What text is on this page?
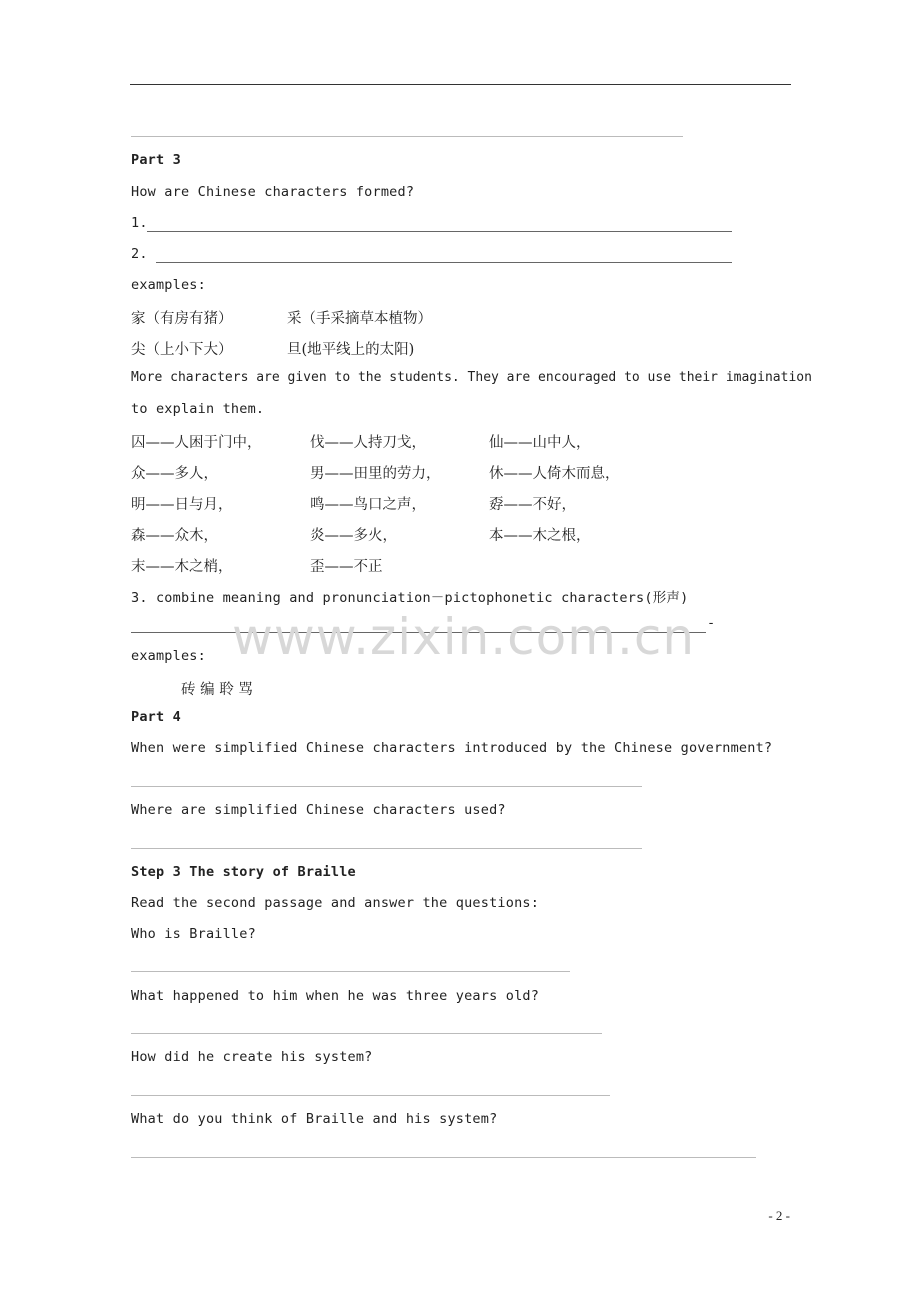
Part 3
How are Chinese characters formed?
1.
2.
examples:
家（有房有猪）	采（手采摘草本植物）
尖（上小下大）	旦(地平线上的太阳)
More characters are given to the students. They are encouraged to use their imagination
to explain them.
囚——人困于门中，	伐——人持刀戈，	仙——山中人，
众——多人，	男——田里的劳力，	休——人倚木而息，
明——日与月，	鸣——鸟口之声，	孬——不好，
森——众木，	炎——多火，	本——木之根，
末——木之梢，	歪——不正
3. combine meaning and pronunciation－pictophonetic characters(形声)
-
www.zixin.com.cn
examples:
砖 编 聆 骂
Part 4
When were simplified Chinese characters introduced by the Chinese government?
Where are simplified Chinese characters used?
Step 3 The story of Braille
Read the second passage and answer the questions:
Who is Braille?
What happened to him when he was three years old?
How did he create his system?
What do you think of Braille and his system?
- 2 -
